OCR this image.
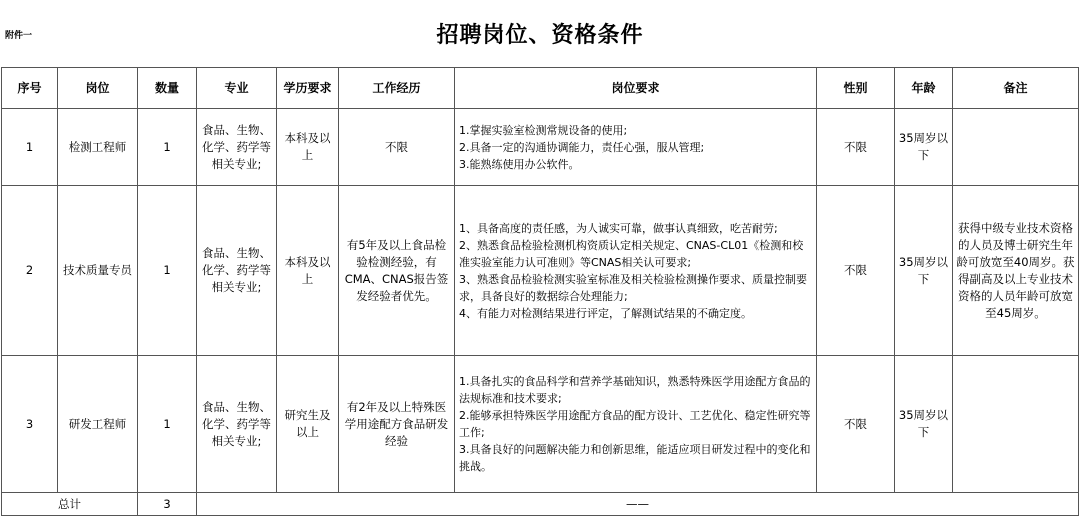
附件一	招聘岗位、资格条件
序号	岗位	数量	专业	学历要求	工作经历	岗位要求	性别	年龄	备注
1	检测工程师	1	食品、生物、化学、药学等相关专业;	本科及以上	不限	1.掌握实验室检测常规设备的使用;
2.具备一定的沟通协调能力，责任心强，服从管理;
3.能熟练使用办公软件。	不限	35周岁以下	
2	技术质量专员	1	食品、生物、化学、药学等相关专业;	本科及以上	有5年及以上食品检验检测经验，有CMA、CNAS报告签发经验者优先。	1、具备高度的责任感，为人诚实可靠，做事认真细致，吃苦耐劳;
2、熟悉食品检验检测机构资质认定相关规定、CNAS-CL01《检测和校准实验室能力认可准则》等CNAS相关认可要求;
3、熟悉食品检验检测实验室标准及相关检验检测操作要求、质量控制要求，具备良好的数据综合处理能力;
4、有能力对检测结果进行评定，了解测试结果的不确定度。	不限	35周岁以下	获得中级专业技术资格的人员及博士研究生年龄可放宽至40周岁。获得副高及以上专业技术资格的人员年龄可放宽至45周岁。
3	研发工程师	1	食品、生物、化学、药学等相关专业;	研究生及以上	有2年及以上特殊医学用途配方食品研发经验	1.具备扎实的食品科学和营养学基础知识，熟悉特殊医学用途配方食品的法规标准和技术要求;
2.能够承担特殊医学用途配方食品的配方设计、工艺优化、稳定性研究等工作;
3.具备良好的问题解决能力和创新思维，能适应项目研发过程中的变化和挑战。	不限	35周岁以下	
总计		3	——						
